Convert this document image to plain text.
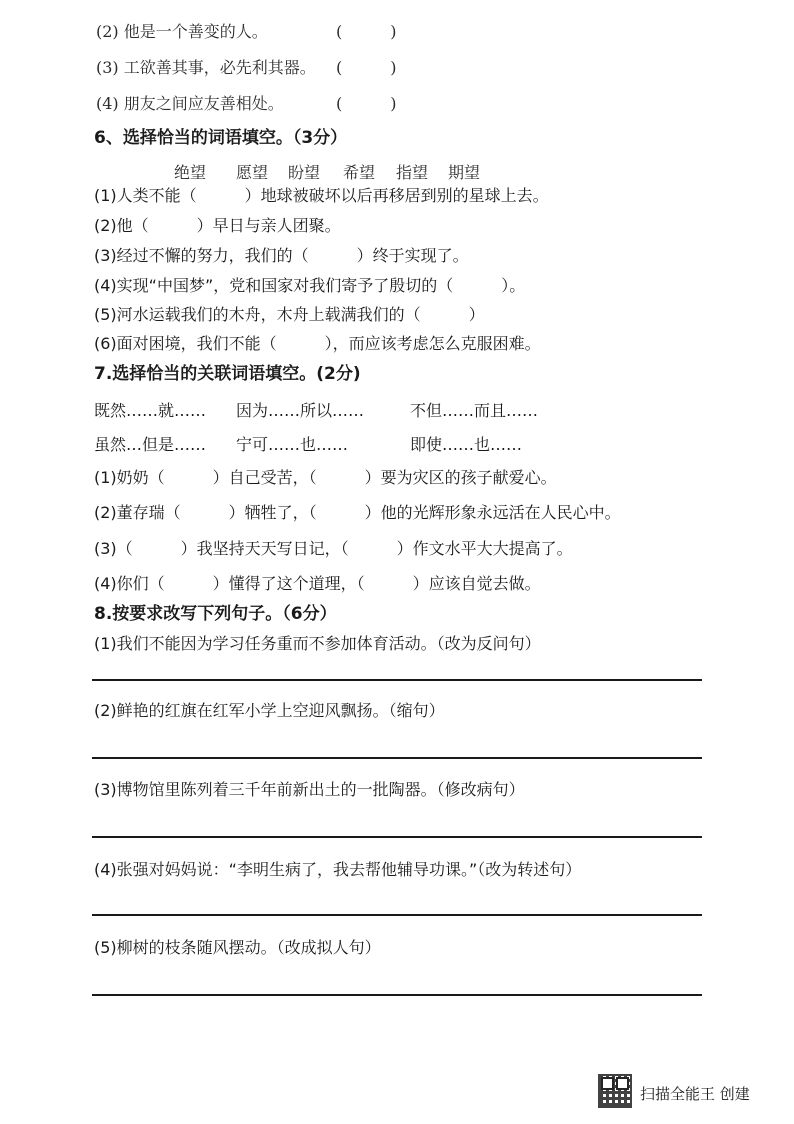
(2) 他是一个善变的人。	(　　　)
(3) 工欲善其事，必先利其器。 (　　　)
(4) 朋友之间应友善相处。	(　　　)
6、选择恰当的词语填空。（3分）
绝望 愿望 盼望 希望 指望 期望
(1)人类不能（　　　）地球被破坏以后再移居到别的星球上去。
(2)他（　　　）早日与亲人团聚。
(3)经过不懈的努力，我们的（　　　）终于实现了。
(4)实现“中国梦”，党和国家对我们寄予了殷切的（　　　）。
(5)河水运载我们的木舟，木舟上载满我们的（　　　）
(6)面对困境，我们不能（　　　），而应该考虑怎么克服困难。
7.选择恰当的关联词语填空。(2分)
既然……就…… 因为……所以……	不但……而且……
虽然…但是…… 宁可……也……	即使……也……
(1)奶奶（　　　）自己受苦，（　　　）要为灾区的孩子献爱心。
(2)董存瑞（　　　）牺牲了，（　　　）他的光辉形象永远活在人民心中。
(3)（　　　）我坚持天天写日记，（　　　）作文水平大大提高了。
(4)你们（　　　）懂得了这个道理，（　　　）应该自觉去做。
8.按要求改写下列句子。（6分）
(1)我们不能因为学习任务重而不参加体育活动。（改为反问句）
(2)鲜艳的红旗在红军小学上空迎风飘扬。（缩句）
(3)博物馆里陈列着三千年前新出土的一批陶器。（修改病句）
(4)张强对妈妈说：“李明生病了，我去帮他辅导功课。”（改为转述句）
(5)柳树的枝条随风摆动。（改成拟人句）
扫描全能王 创建
